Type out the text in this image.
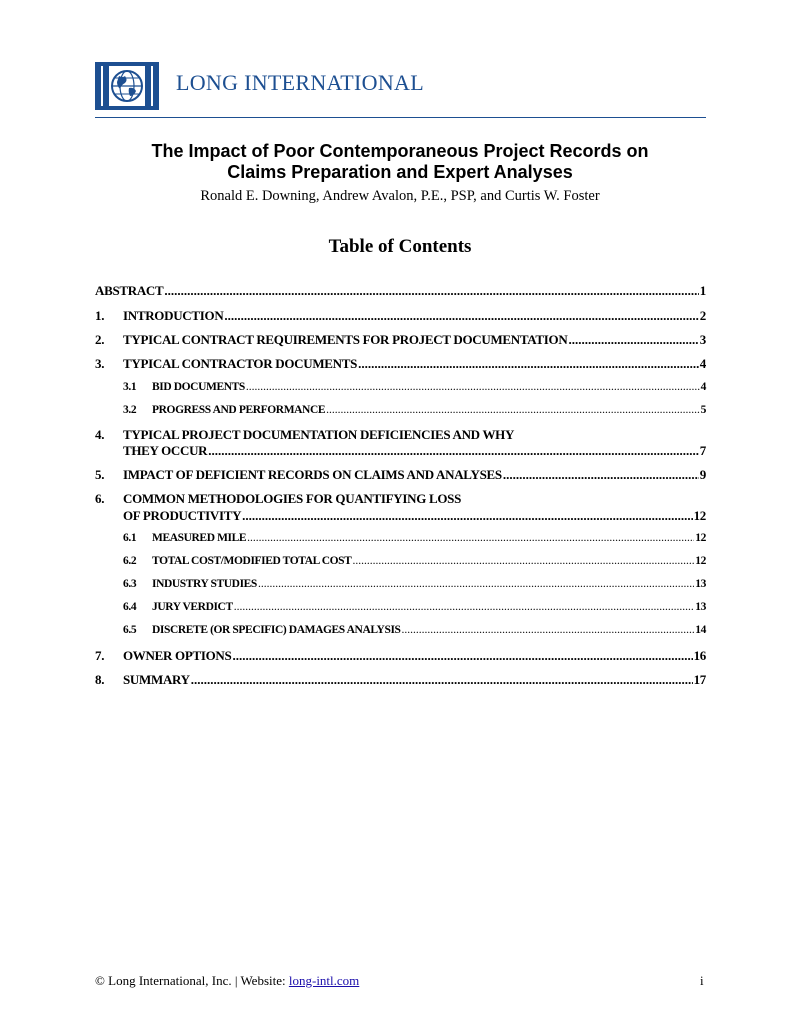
LONG INTERNATIONAL
The Impact of Poor Contemporaneous Project Records on
Claims Preparation and Expert Analyses
Ronald E. Downing, Andrew Avalon, P.E., PSP, and Curtis W. Foster
Table of Contents
ABSTRACT .....	1
1.	INTRODUCTION .....	2
2.	TYPICAL CONTRACT REQUIREMENTS FOR PROJECT DOCUMENTATION .....	3
3.	TYPICAL CONTRACTOR DOCUMENTS .....	4
3.1	BID DOCUMENTS .....	4
3.2	PROGRESS AND PERFORMANCE .....	5
4. TYPICAL PROJECT DOCUMENTATION DEFICIENCIES AND WHY
THEY OCCUR .....	7
5.	IMPACT OF DEFICIENT RECORDS ON CLAIMS AND ANALYSES .....	9
6. COMMON METHODOLOGIES FOR QUANTIFYING LOSS
OF PRODUCTIVITY .....	12
6.1	MEASURED MILE .....	12
6.2	TOTAL COST/MODIFIED TOTAL COST .....	12
6.3	INDUSTRY STUDIES .....	13
6.4	JURY VERDICT .....	13
6.5	DISCRETE (OR SPECIFIC) DAMAGES ANALYSIS .....	14
7.	OWNER OPTIONS .....	16
8.	SUMMARY .....	17
© Long International, Inc. | Website: long-intl.com	i
